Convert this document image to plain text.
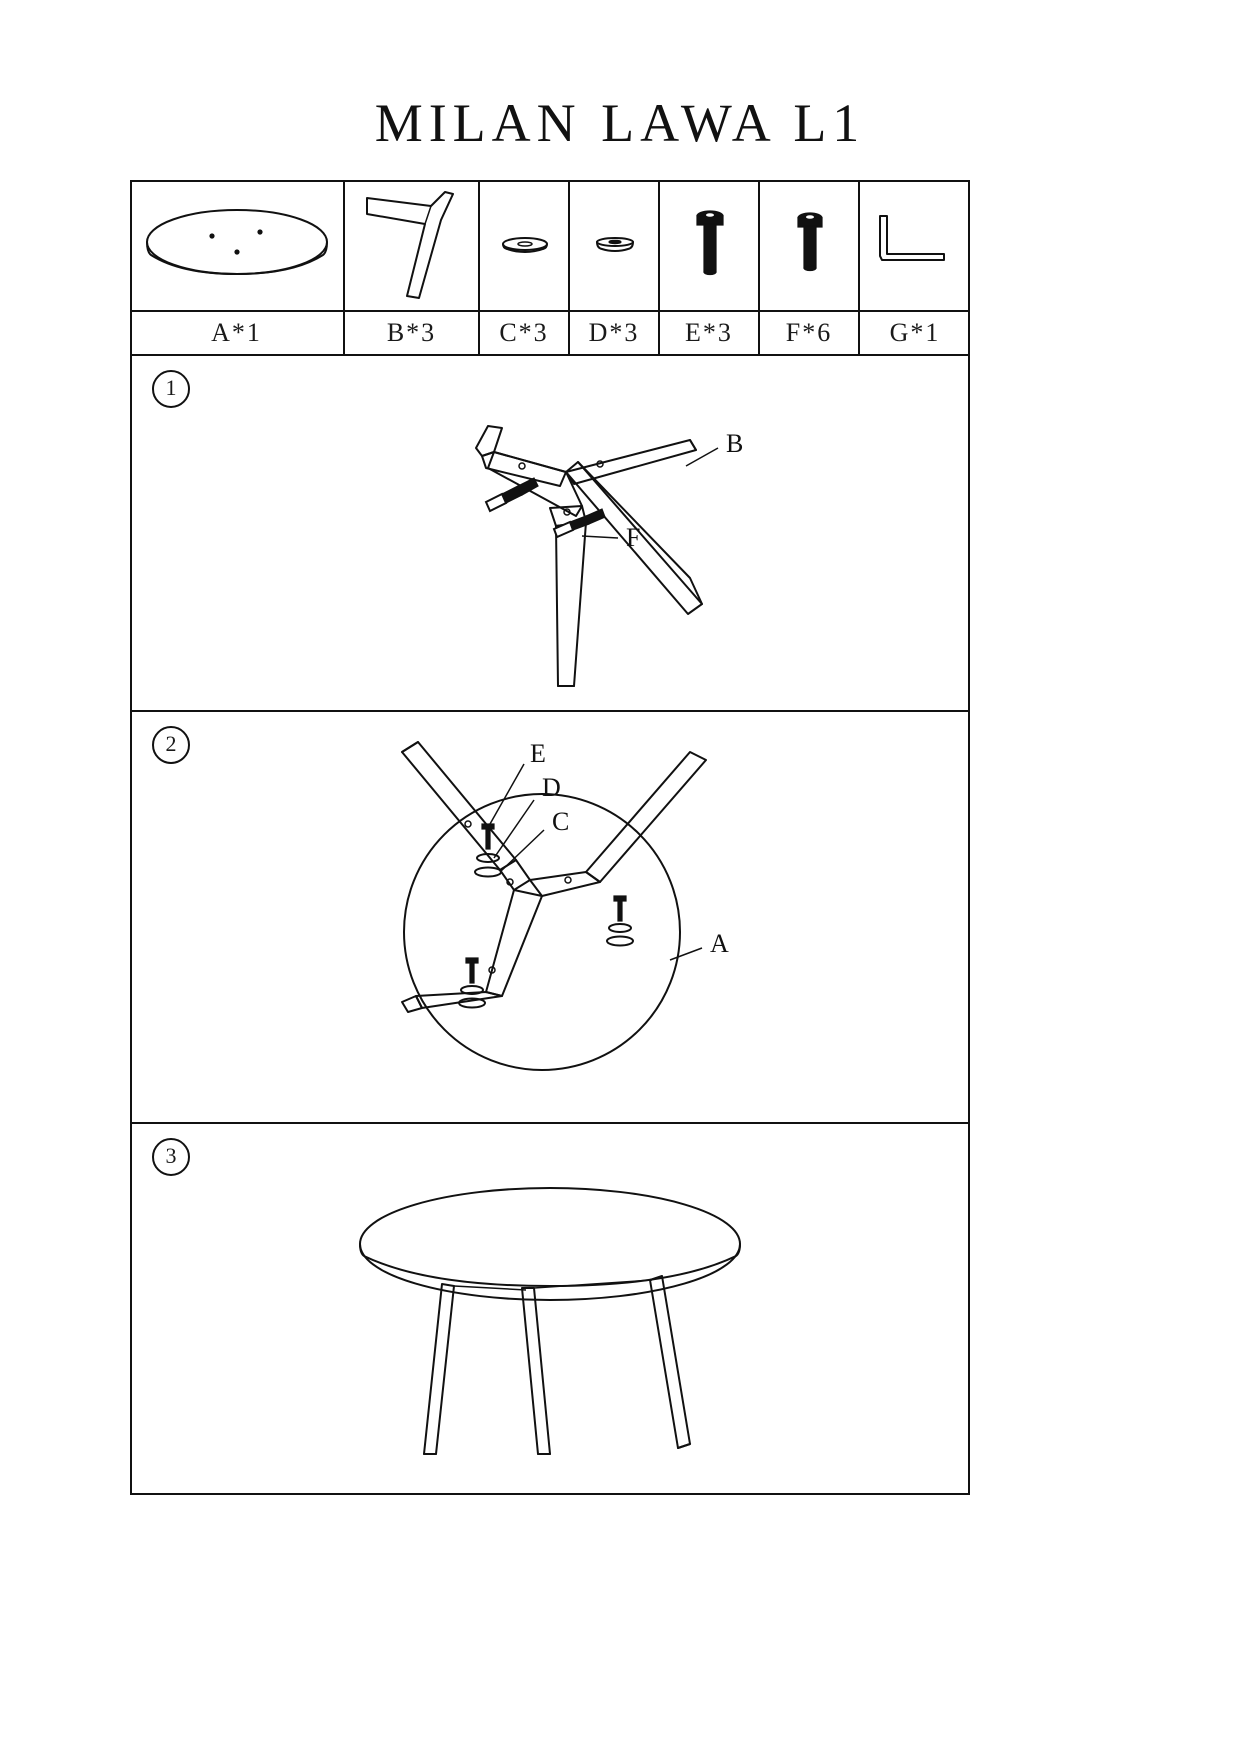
MILAN LAWA L1
A*1	B*3	C*3	D*3	E*3	F*6	G*1
1
B
F
2	E
D
C
A
3
